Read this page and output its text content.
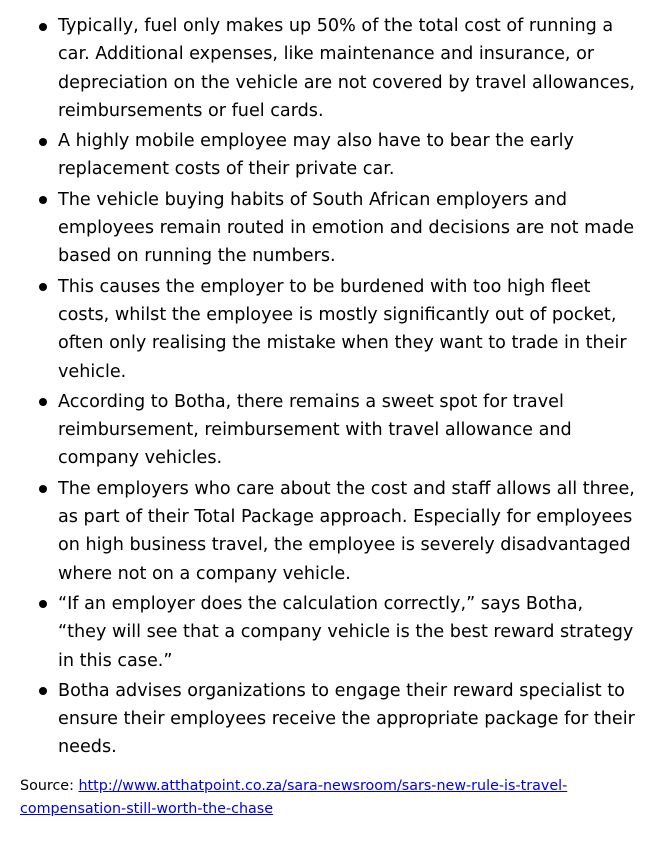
Typically, fuel only makes up 50% of the total cost of running a car. Additional expenses, like maintenance and insurance, or depreciation on the vehicle are not covered by travel allowances, reimbursements or fuel cards.
A highly mobile employee may also have to bear the early replacement costs of their private car.
The vehicle buying habits of South African employers and employees remain routed in emotion and decisions are not made based on running the numbers.
This causes the employer to be burdened with too high fleet costs, whilst the employee is mostly significantly out of pocket, often only realising the mistake when they want to trade in their vehicle.
According to Botha, there remains a sweet spot for travel reimbursement, reimbursement with travel allowance and company vehicles.
The employers who care about the cost and staff allows all three, as part of their Total Package approach. Especially for employees on high business travel, the employee is severely disadvantaged where not on a company vehicle.
“If an employer does the calculation correctly,” says Botha, “they will see that a company vehicle is the best reward strategy in this case.”
Botha advises organizations to engage their reward specialist to ensure their employees receive the appropriate package for their needs.
Source: http://www.atthatpoint.co.za/sara-newsroom/sars-new-rule-is-travel-compensation-still-worth-the-chase
